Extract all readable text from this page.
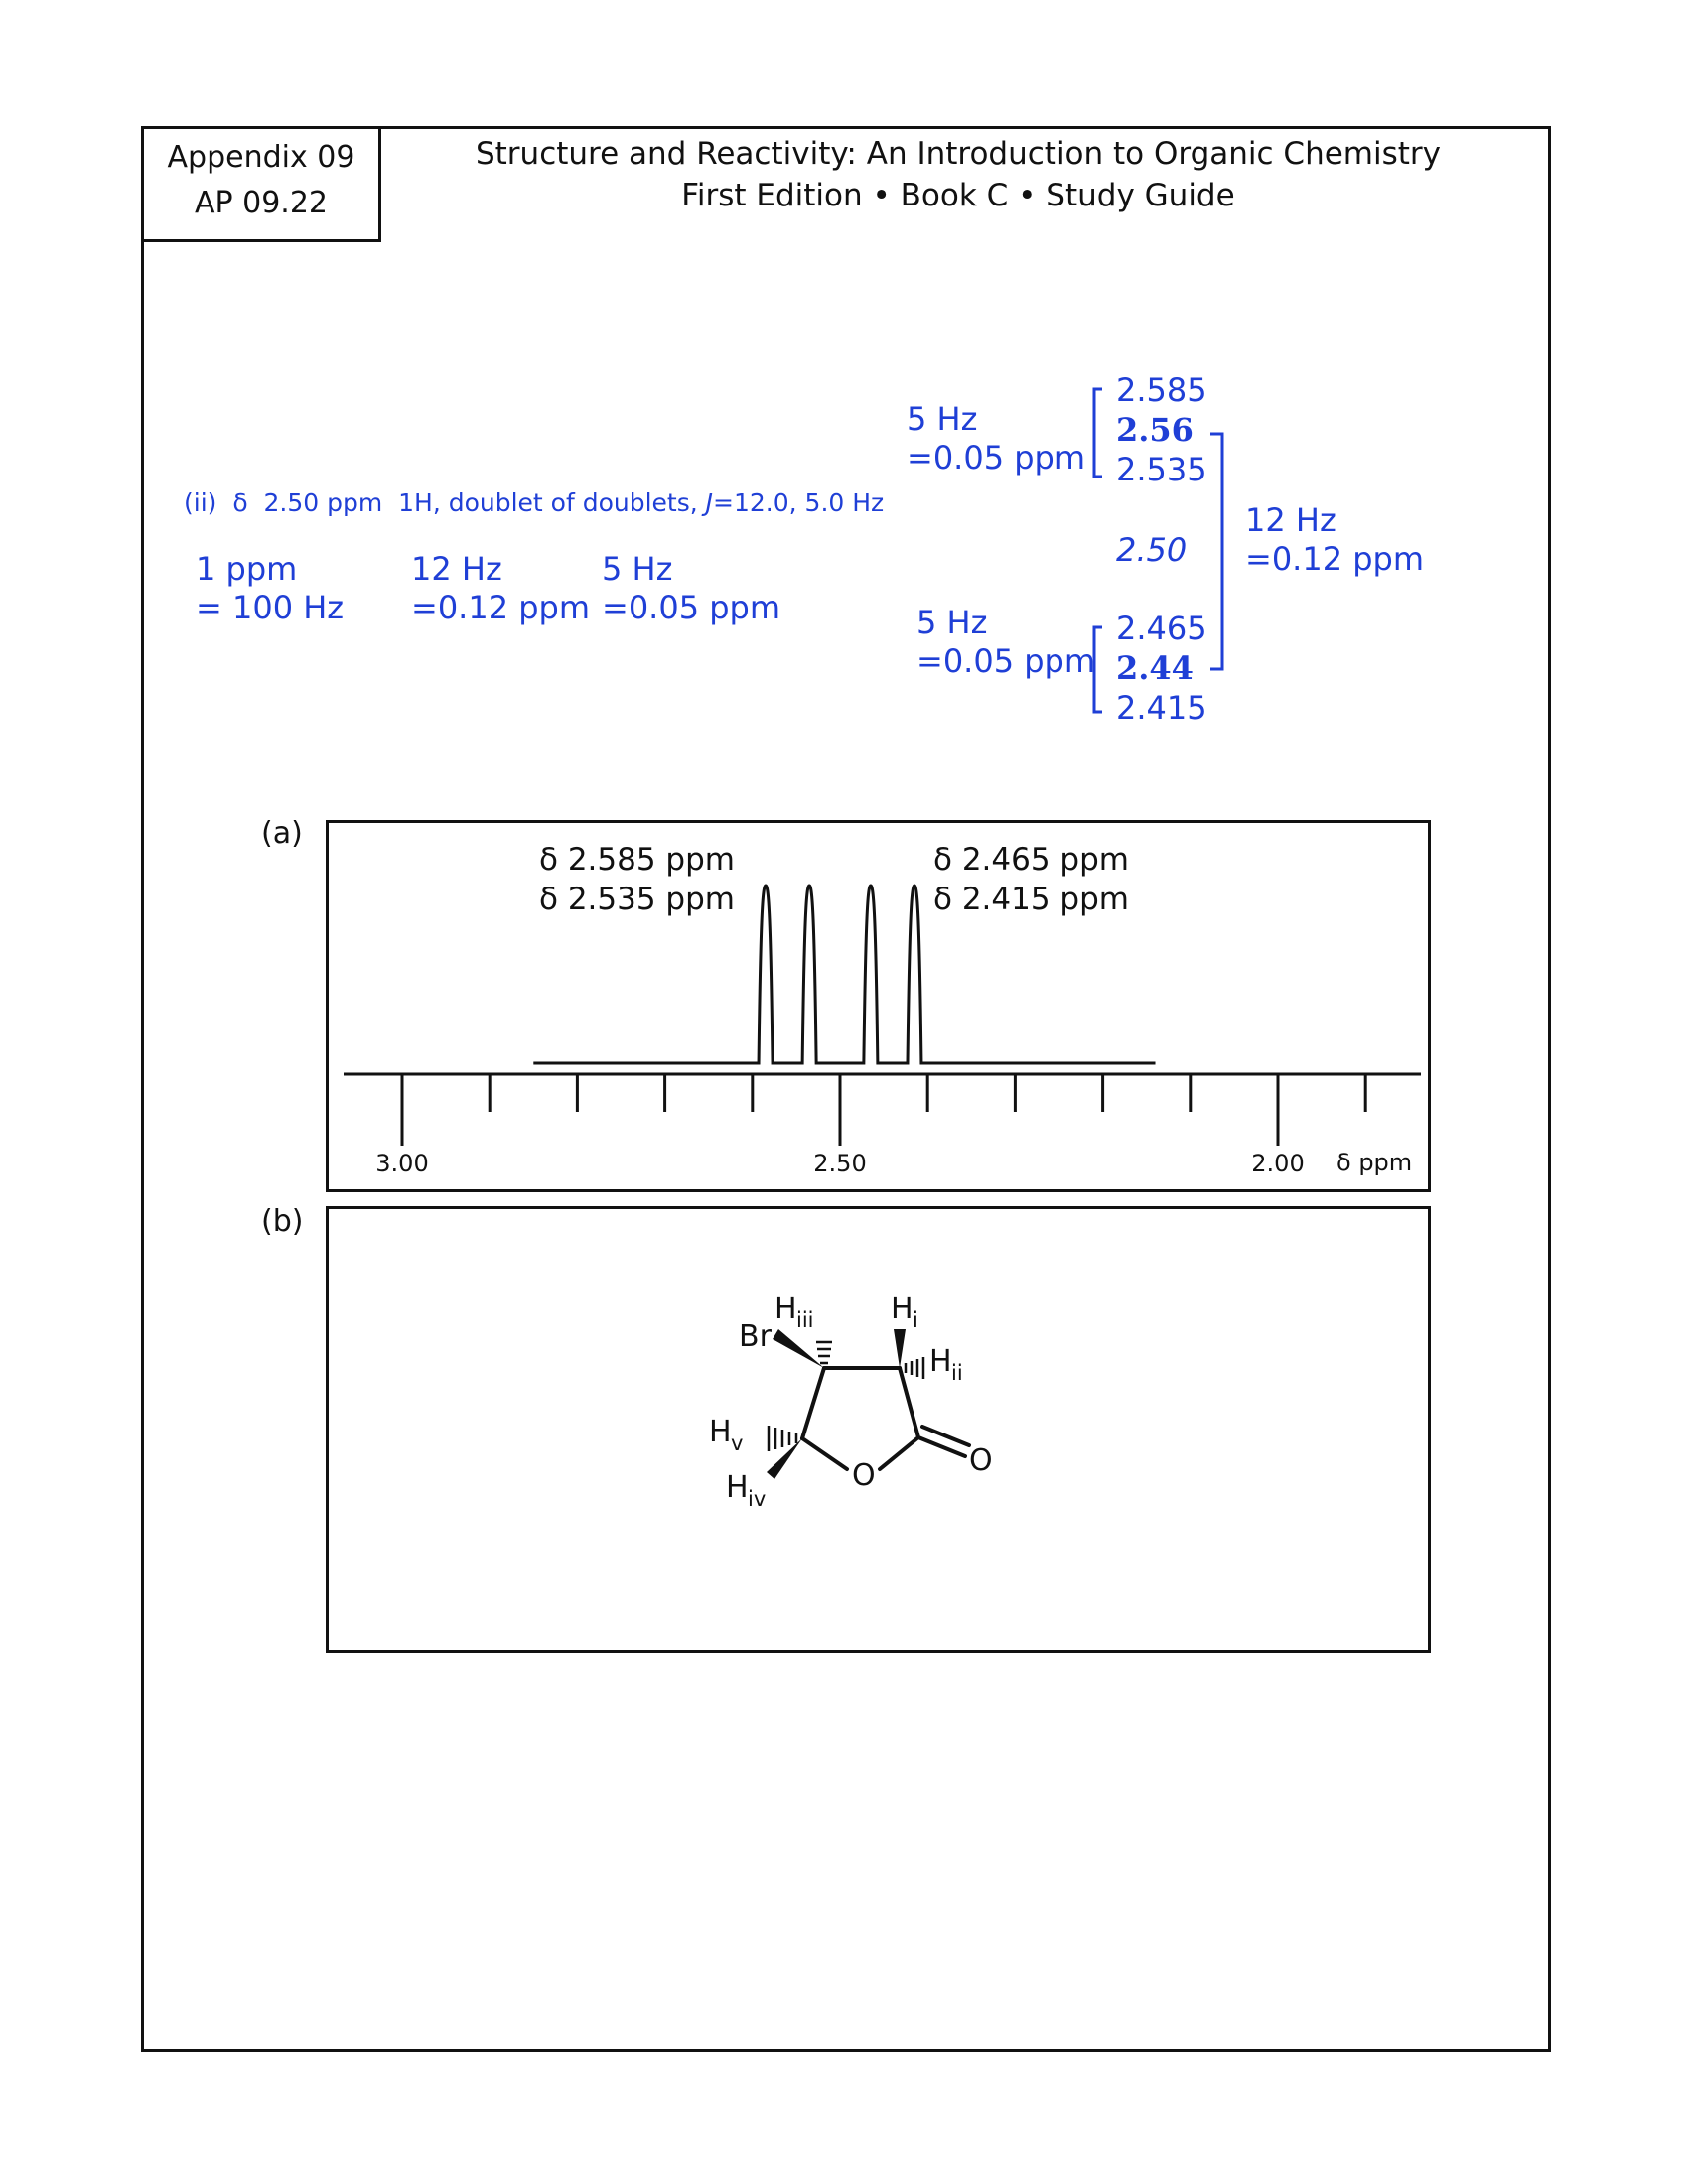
Appendix 09
AP 09.22
Structure and Reactivity: An Introduction to Organic Chemistry
First Edition • Book C • Study Guide
(ii) δ 2.50 ppm 1H, doublet of doublets, J=12.0, 5.0 Hz
1 ppm
= 100 Hz
12 Hz
=0.12 ppm
5 Hz
=0.05 ppm
5 Hz
=0.05 ppm
2.585
2.56
2.535
2.50
5 Hz
=0.05 ppm
2.465
2.44
2.415
12 Hz
=0.12 ppm
(a)
δ 2.585 ppm
δ 2.535 ppm
δ 2.465 ppm
δ 2.415 ppm
δ ppm
3.00	2.50	2.00
(b)
Br
H iii	H i
H ii
H v
H iv
O	O
